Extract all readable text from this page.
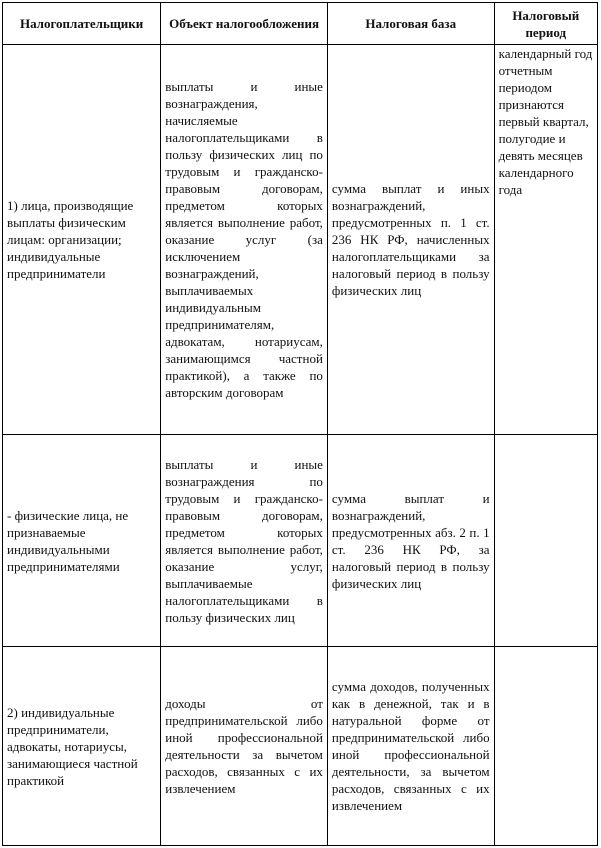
Налогоплательщики	Объект налогообложения	Налоговая база	Налоговый период
1) лица, производящие выплаты физическим лицам: организации; индивидуальные предприниматели	выплаты и иные вознаграждения, начисляемые налогоплательщиками в пользу физических лиц по трудовым и гражданско-правовым договорам, предметом которых является выполнение работ, оказание услуг (за исключением вознаграждений, выплачиваемых индивидуальным предпринимателям, адвокатам, нотариусам, занимающимся частной практикой), а также по авторским договорам	сумма выплат и иных вознаграждений, предусмотренных п. 1 ст. 236 НК РФ, начисленных налогоплательщиками за налоговый период в пользу физических лиц	календарный год отчетным периодом признаются первый квартал, полугодие и девять месяцев календарного года
- физические лица, не признаваемые индивидуальными предпринимателями	выплаты и иные вознаграждения по трудовым и гражданско-правовым договорам, предметом которых является выполнение работ, оказание услуг, выплачиваемые налогоплательщиками в пользу физических лиц	сумма выплат и вознаграждений, предусмотренных абз. 2 п. 1 ст. 236 НК РФ, за налоговый период в пользу физических лиц	
2) индивидуальные предприниматели, адвокаты, нотариусы, занимающиеся частной практикой	доходы от предпринимательской либо иной профессиональной деятельности за вычетом расходов, связанных с их извлечением	сумма доходов, полученных как в денежной, так и в натуральной форме от предпринимательской либо иной профессиональной деятельности, за вычетом расходов, связанных с их извлечением	
